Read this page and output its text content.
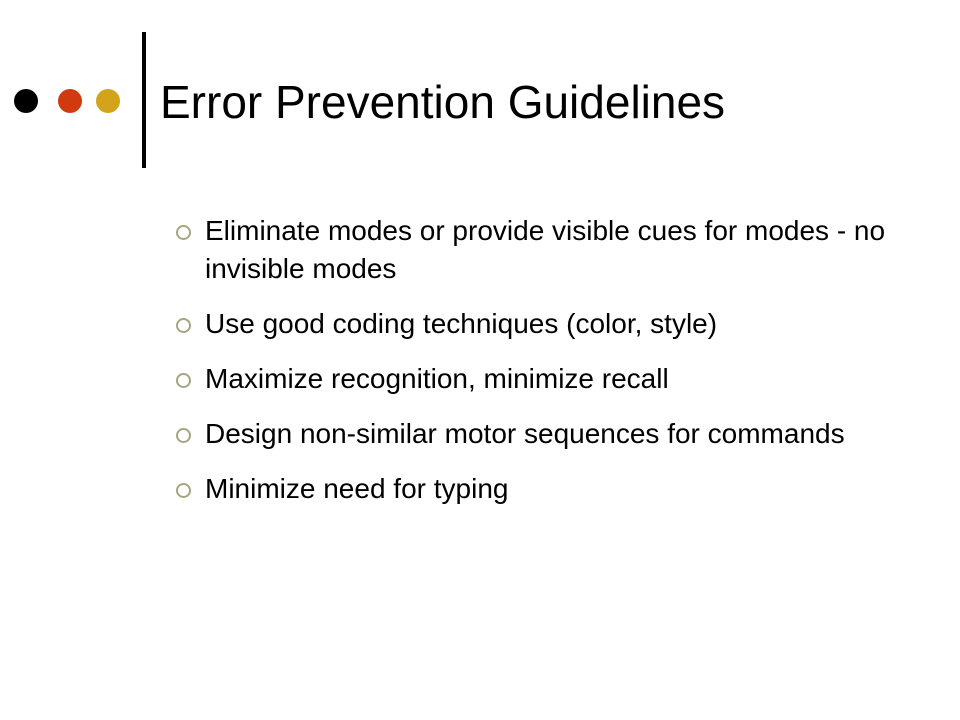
Error Prevention Guidelines
Eliminate modes or provide visible cues for modes - no invisible modes
Use good coding techniques (color, style)
Maximize recognition, minimize recall
Design non-similar motor sequences for commands
Minimize need for typing
